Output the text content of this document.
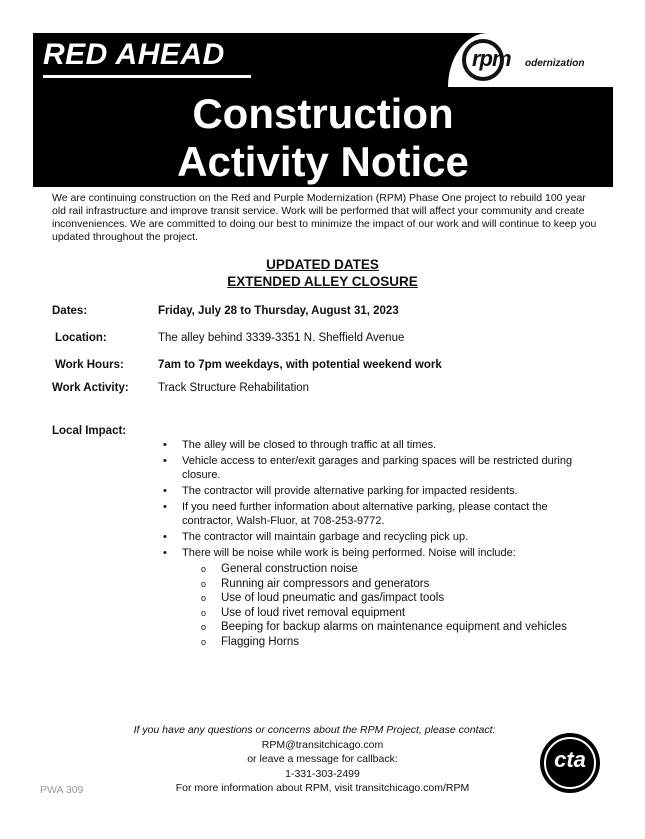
RED AHEAD	rpm odernization
Construction
Activity Notice
We are continuing construction on the Red and Purple Modernization (RPM) Phase One project to rebuild 100 year old rail infrastructure and improve transit service. Work will be performed that will affect your community and create inconveniences. We are committed to doing our best to minimize the impact of our work and will continue to keep you updated throughout the project.
UPDATED DATES
EXTENDED ALLEY CLOSURE
Dates:	Friday, July 28 to Thursday, August 31, 2023
Location:	The alley behind 3339-3351 N. Sheffield Avenue
Work Hours:	7am to 7pm weekdays, with potential weekend work
Work Activity:	Track Structure Rehabilitation
Local Impact:
• The alley will be closed to through traffic at all times.
• Vehicle access to enter/exit garages and parking spaces will be restricted during closure.
• The contractor will provide alternative parking for impacted residents.
• If you need further information about alternative parking, please contact the contractor, Walsh-Fluor, at 708-253-9772.
• The contractor will maintain garbage and recycling pick up.
• There will be noise while work is being performed. Noise will include:
o General construction noise
o Running air compressors and generators
o Use of loud pneumatic and gas/impact tools
o Use of loud rivet removal equipment
o Beeping for backup alarms on maintenance equipment and vehicles
o Flagging Horns
If you have any questions or concerns about the RPM Project, please contact:
RPM@transitchicago.com
or leave a message for callback:
1-331-303-2499
For more information about RPM, visit transitchicago.com/RPM
cta
PWA 309
